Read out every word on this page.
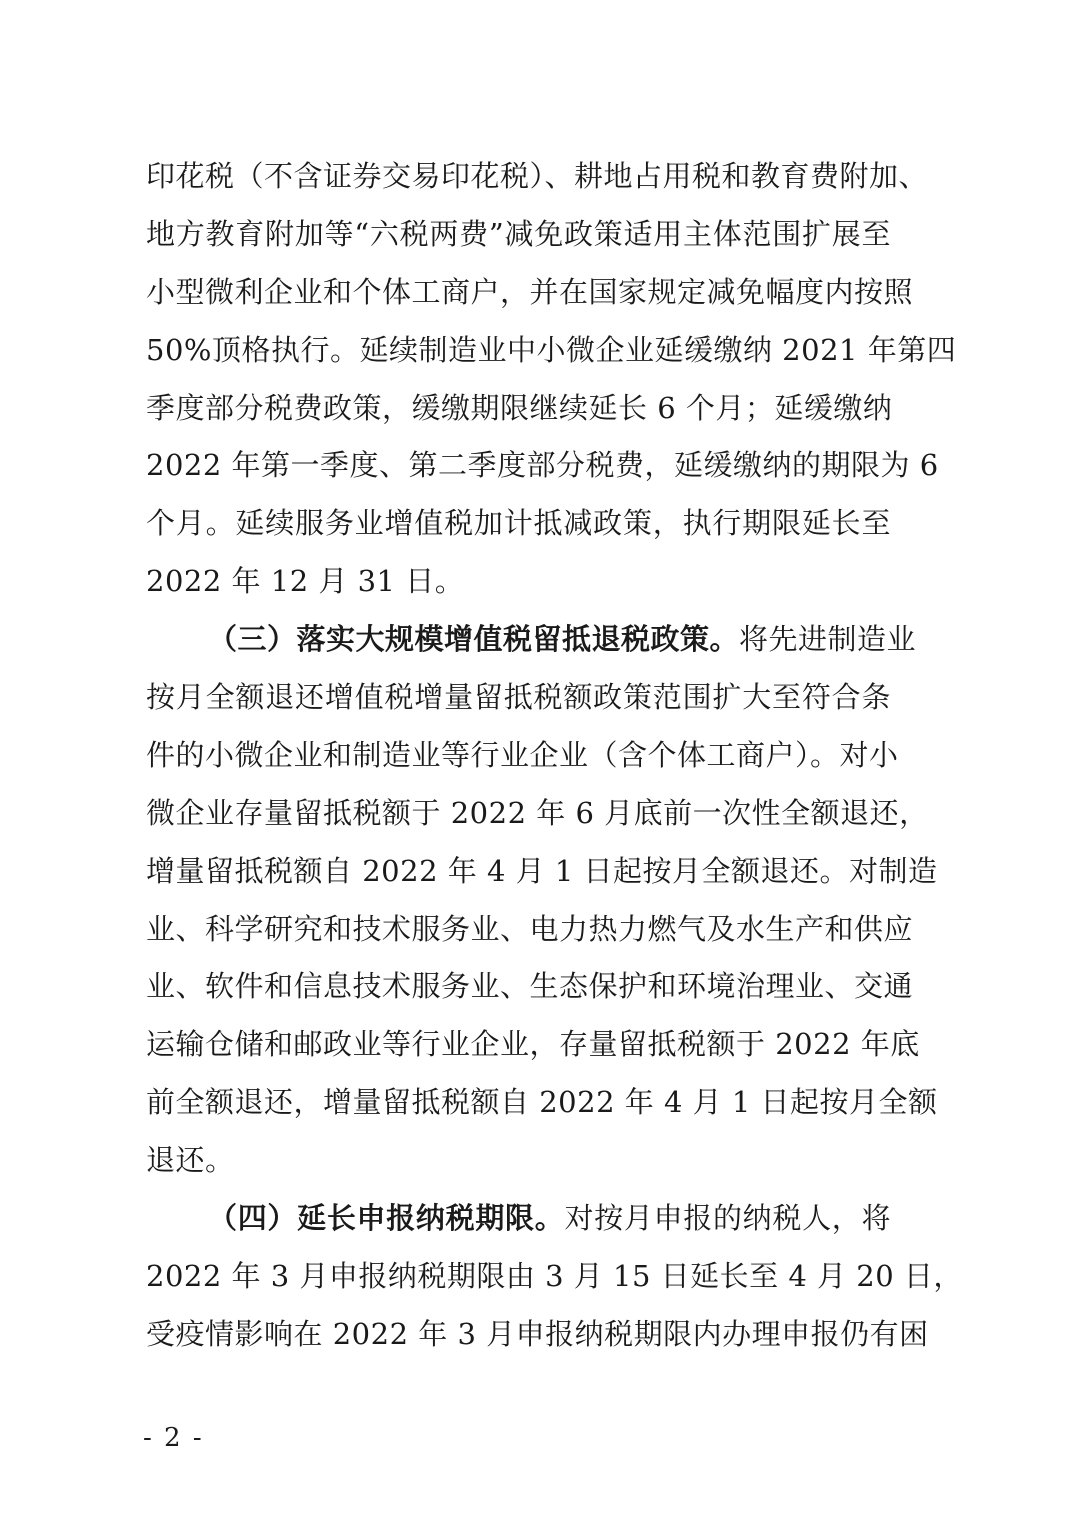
印花税（不含证券交易印花税）、耕地占用税和教育费附加、
地方教育附加等“六税两费”减免政策适用主体范围扩展至
小型微利企业和个体工商户，并在国家规定减免幅度内按照
50%顶格执行。延续制造业中小微企业延缓缴纳 2021 年第四
季度部分税费政策，缓缴期限继续延长 6 个月；延缓缴纳
2022 年第一季度、第二季度部分税费，延缓缴纳的期限为 6
个月。延续服务业增值税加计抵减政策，执行期限延长至
2022 年 12 月 31 日。
（三）落实大规模增值税留抵退税政策。将先进制造业
按月全额退还增值税增量留抵税额政策范围扩大至符合条
件的小微企业和制造业等行业企业（含个体工商户）。对小
微企业存量留抵税额于 2022 年 6 月底前一次性全额退还，
增量留抵税额自 2022 年 4 月 1 日起按月全额退还。对制造
业、科学研究和技术服务业、电力热力燃气及水生产和供应
业、软件和信息技术服务业、生态保护和环境治理业、交通
运输仓储和邮政业等行业企业，存量留抵税额于 2022 年底
前全额退还，增量留抵税额自 2022 年 4 月 1 日起按月全额
退还。
（四）延长申报纳税期限。对按月申报的纳税人，将
2022 年 3 月申报纳税期限由 3 月 15 日延长至 4 月 20 日，
受疫情影响在 2022 年 3 月申报纳税期限内办理申报仍有困
- 2 -
